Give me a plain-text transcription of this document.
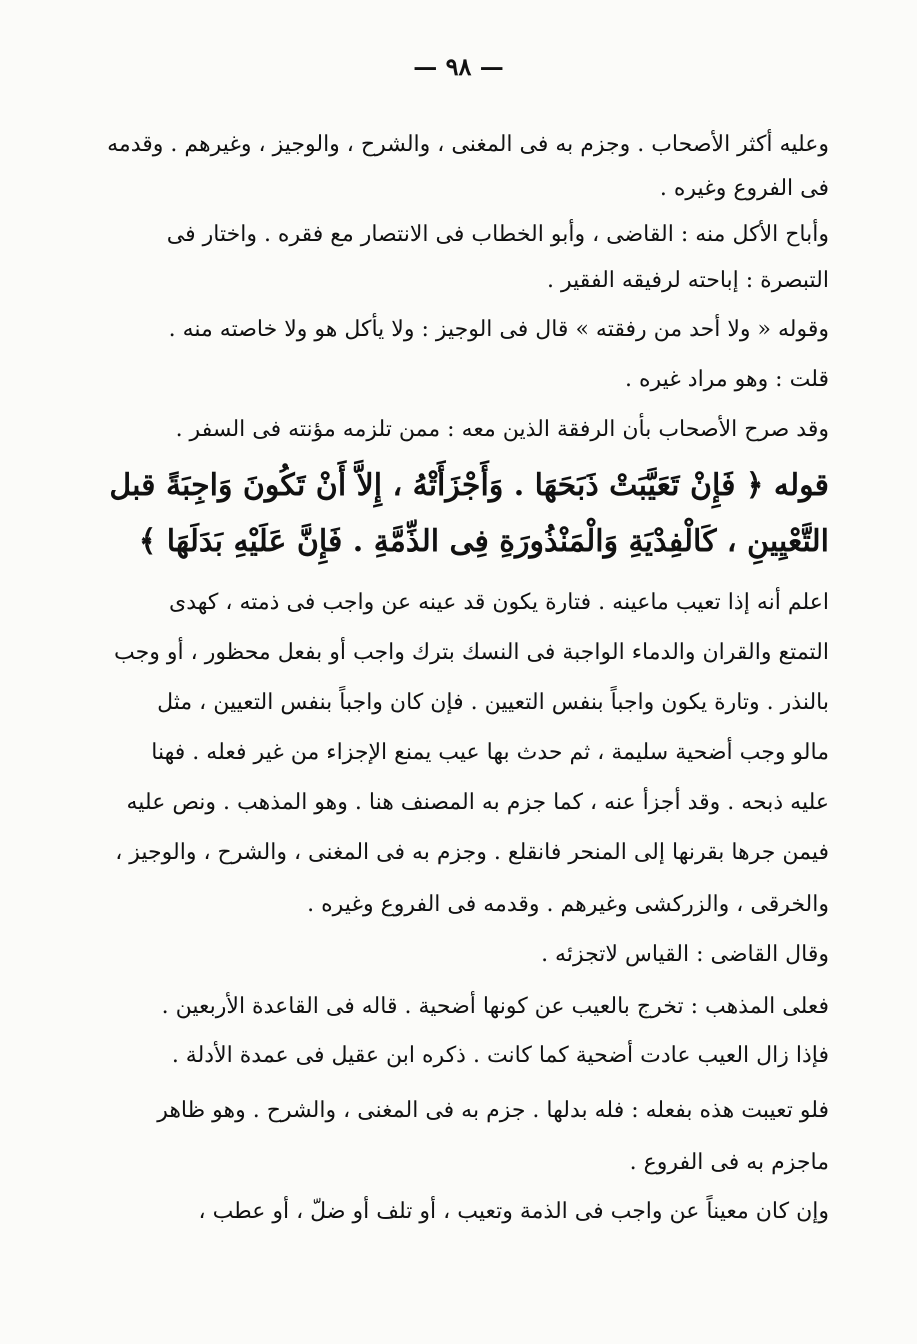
— ٩٨ —
وعليه أكثر الأصحاب . وجزم به فى المغنى ، والشرح ، والوجيز ، وغيرهم . وقدمه
فى الفروع وغيره .
وأباح الأكل منه : القاضى ، وأبو الخطاب فى الانتصار مع فقره . واختار فى
التبصرة : إباحته لرفيقه الفقير .
وقوله « ولا أحد من رفقته » قال فى الوجيز : ولا يأكل هو ولا خاصته منه .
قلت : وهو مراد غيره .
وقد صرح الأصحاب بأن الرفقة الذين معه : ممن تلزمه مؤنته فى السفر .
قوله ﴿ فَإِنْ تَعَيَّبَتْ ذَبَحَهَا . وَأَجْزَأَتْهُ ، إِلاَّ أَنْ تَكُونَ وَاجِبَةً قبل
التَّعْيِينِ ، كَالْفِدْيَةِ وَالْمَنْذُورَةِ فِى الذِّمَّةِ . فَإِنَّ عَلَيْهِ بَدَلَهَا ﴾
اعلم أنه إذا تعيب ماعينه . فتارة يكون قد عينه عن واجب فى ذمته ، كهدى
التمتع والقران والدماء الواجبة فى النسك بترك واجب أو بفعل محظور ، أو وجب
بالنذر . وتارة يكون واجباً بنفس التعيين . فإن كان واجباً بنفس التعيين ، مثل
مالو وجب أضحية سليمة ، ثم حدث بها عيب يمنع الإجزاء من غير فعله . فهنا
عليه ذبحه . وقد أجزأ عنه ، كما جزم به المصنف هنا . وهو المذهب . ونص عليه
فيمن جرها بقرنها إلى المنحر فانقلع . وجزم به فى المغنى ، والشرح ، والوجيز ،
والخرقى ، والزركشى وغيرهم . وقدمه فى الفروع وغيره .
وقال القاضى : القياس لاتجزئه .
فعلى المذهب : تخرج بالعيب عن كونها أضحية . قاله فى القاعدة الأربعين .
فإذا زال العيب عادت أضحية كما كانت . ذكره ابن عقيل فى عمدة الأدلة .
فلو تعيبت هذه بفعله : فله بدلها . جزم به فى المغنى ، والشرح . وهو ظاهر
ماجزم به فى الفروع .
وإن كان معيناً عن واجب فى الذمة وتعيب ، أو تلف أو ضلّ ، أو عطب ،
